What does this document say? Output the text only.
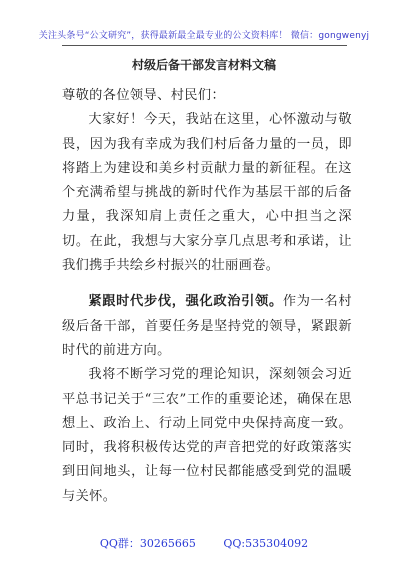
关注头条号“公文研究”，获得最新最全最专业的公文资料库！ 微信：gongwenyj
村级后备干部发言材料文稿

尊敬的各位领导、村民们：

大家好！今天，我站在这里，心怀激动与敬畏，因为我有幸成为我们村后备力量的一员，即将踏上为建设和美乡村贡献力量的新征程。在这个充满希望与挑战的新时代作为基层干部的后备力量，我深知肩上责任之重大，心中担当之深切。在此，我想与大家分享几点思考和承诺，让我们携手共绘乡村振兴的壮丽画卷。

紧跟时代步伐，强化政治引领。作为一名村级后备干部，首要任务是坚持党的领导，紧跟新时代的前进方向。

我将不断学习党的理论知识，深刻领会习近平总书记关于“三农”工作的重要论述，确保在思想上、政治上、行动上同党中央保持高度一致。同时，我将积极传达党的声音把党的好政策落实到田间地头，让每一位村民都能感受到党的温暖与关怀。

QQ群：30265665	QQ:535304092
